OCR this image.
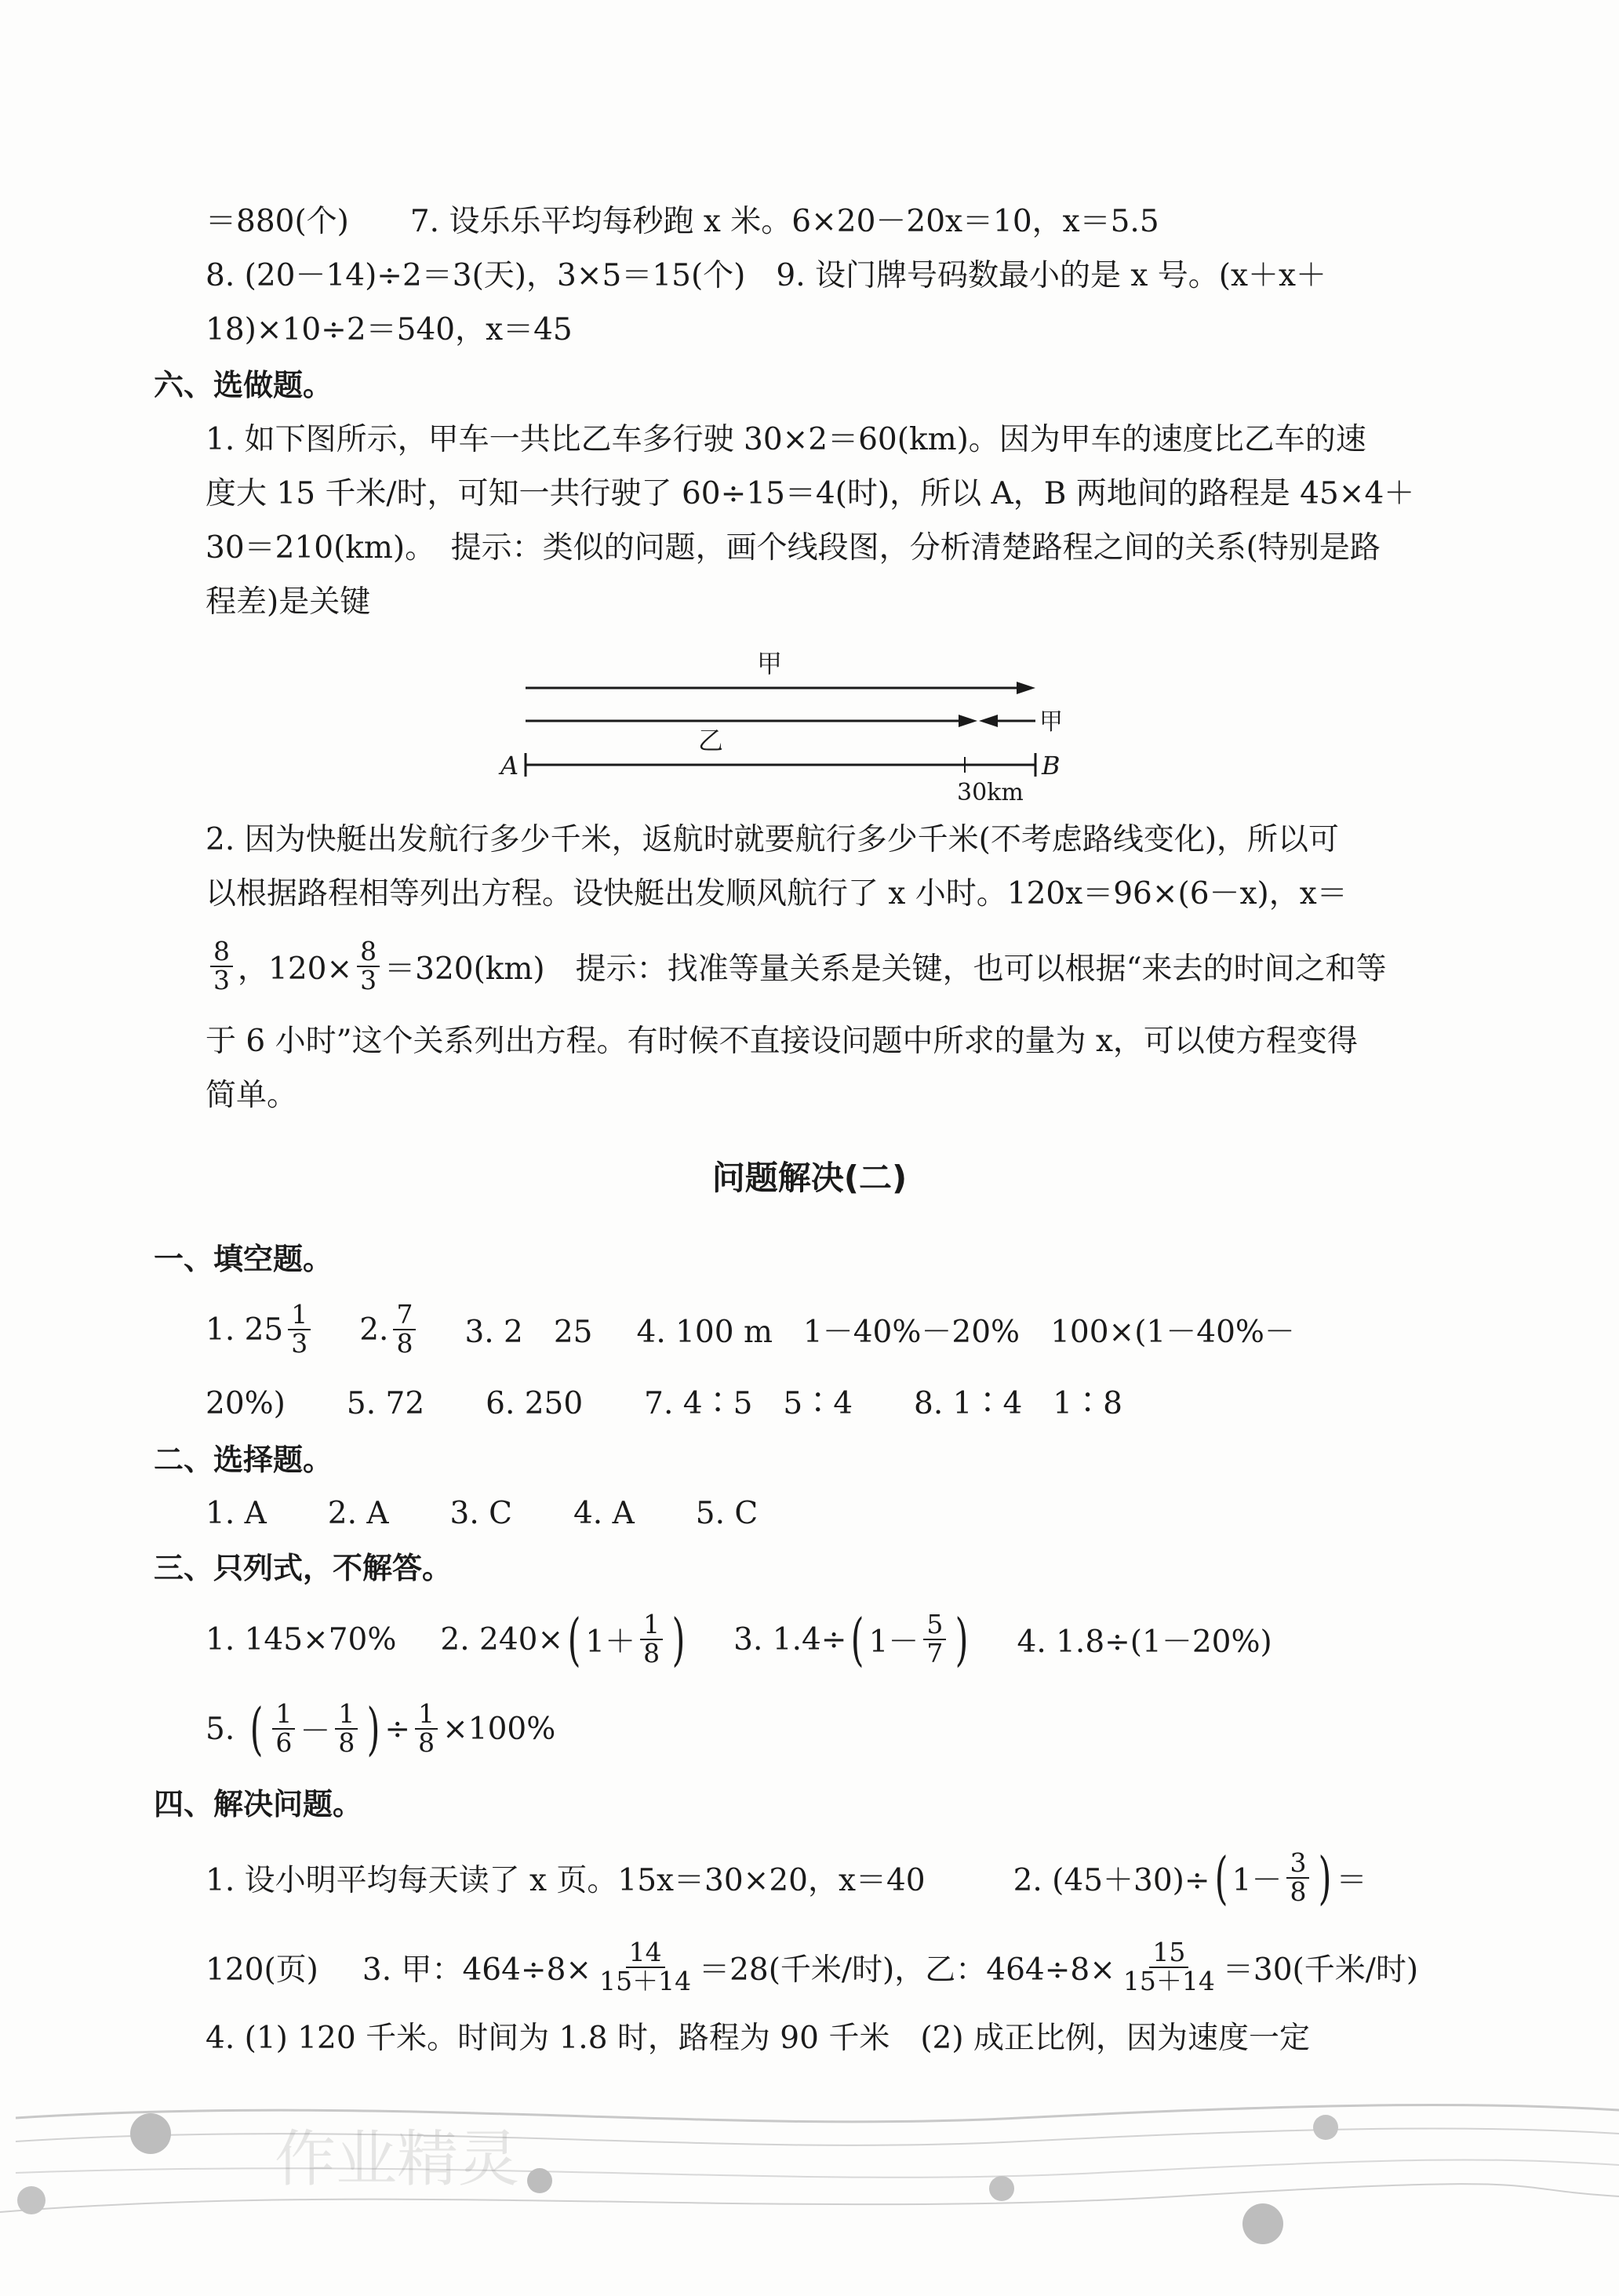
＝880(个)　　7. 设乐乐平均每秒跑 x 米。6×20－20x＝10，x＝5.5
8. (20－14)÷2＝3(天)，3×5＝15(个)　9. 设门牌号码数最小的是 x 号。(x＋x＋
18)×10÷2＝540，x＝45
六、选做题。
1. 如下图所示，甲车一共比乙车多行驶 30×2＝60(km)。因为甲车的速度比乙车的速
度大 15 千米/时，可知一共行驶了 60÷15＝4(时)，所以 A，B 两地间的路程是 45×4＋
30＝210(km)。　提示：类似的问题，画个线段图，分析清楚路程之间的关系(特别是路
程差)是关键
甲
乙
甲
A	B
30km
2. 因为快艇出发航行多少千米，返航时就要航行多少千米(不考虑路线变化)，所以可
以根据路程相等列出方程。设快艇出发顺风航行了 x 小时。120x＝96×(6－x)，x＝
$\frac{8}{3}$ ，$120\times \frac{8}{3} =320(km)$　提示：找准等量关系是关键，也可以根据“来去的时间之和等
于 6 小时”这个关系列出方程。有时候不直接设问题中所求的量为 x，可以使方程变得
简单。
问题解决(二)
一、填空题。
1. $25 \frac{1}{3} 2$. $\frac{7}{8} 3$. 2　25 4. 100 m　1－40%－20%　100×(1－40%－
20%)　　5. 72　　6. 250　　7. 4∶5　5∶4　　8. 1∶4　1∶8
二、选择题。
1. A　　2. A　　3. C　　4. A　　5. C
三、只列式，不解答。
1. 145×70% 2. 240× ( $1+ \frac{1}{8}$ ) 3. 1.4÷ ( $1- \frac{5}{7}$ ) 4. 1.8÷(1－20%)
5. ( $\frac{1}{6} - \frac{1}{8}$ ) ÷ $\frac{1}{8} \times 100\%$
四、解决问题。
1. 设小明平均每天读了 x 页。15x＝30×20，x＝40	2. (45＋30)÷ ( $1- \frac{3}{8}$ ) ＝
120(页) 3. 甲：$464\div 8\times \frac{14}{15+14} =28$(千米/时)，乙：$464\div 8\times \frac{15}{15+14} =30$(千米/时)
4. (1) 120 千米。时间为 1.8 时，路程为 90 千米　(2) 成正比例，因为速度一定
作业精灵
